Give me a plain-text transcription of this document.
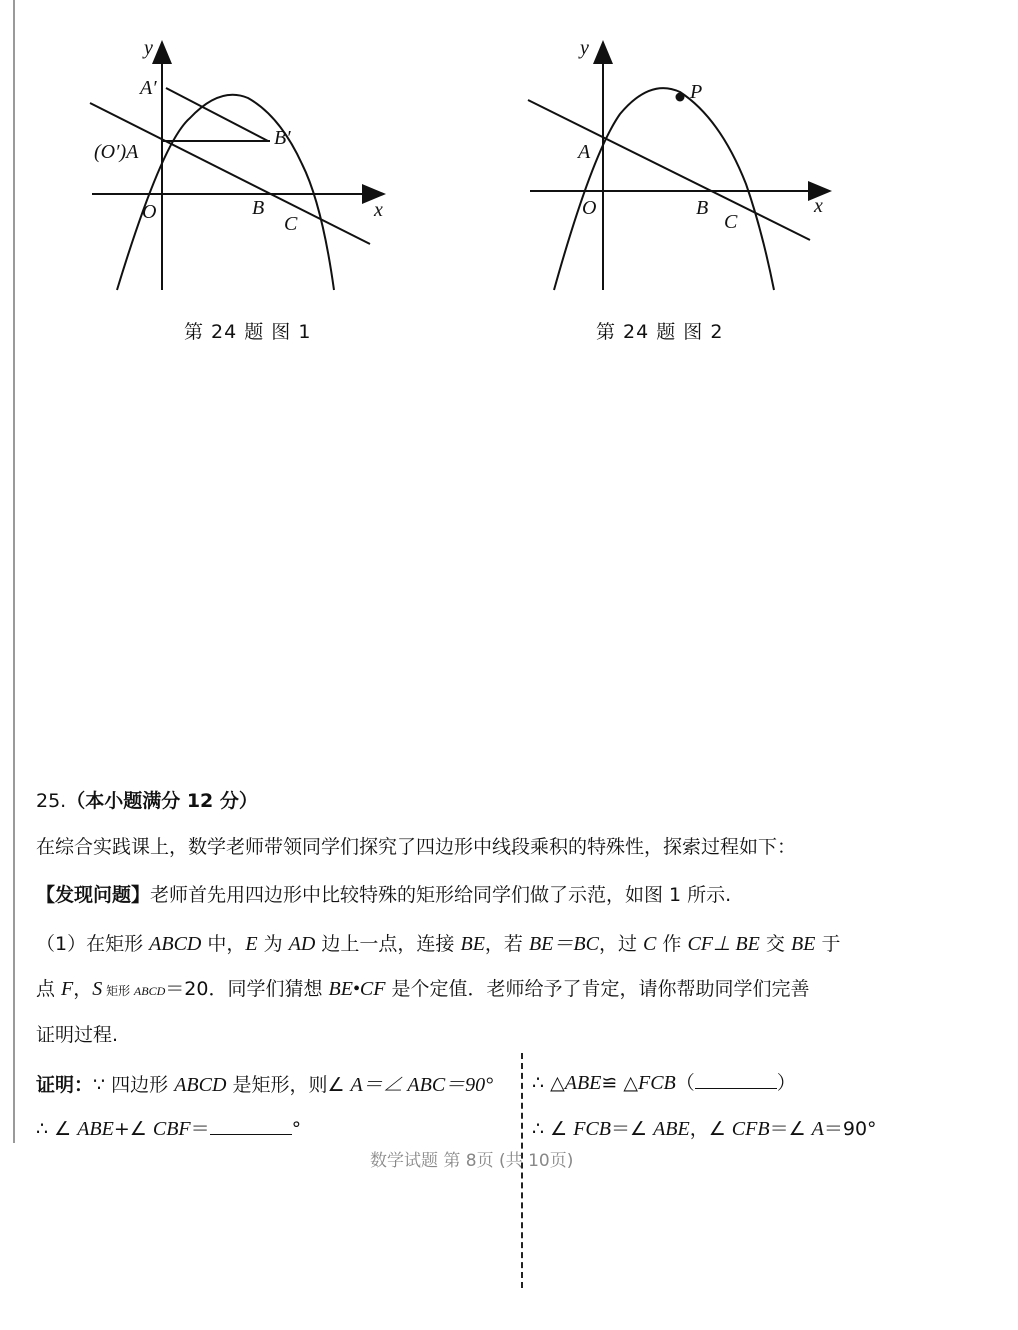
y
x
A′
(O′)A
B′
O	B
C
第 24 题 图 1
y
x
P
A
O	B
C
第 24 题 图 2
25.（本小题满分 12 分）
在综合实践课上，数学老师带领同学们探究了四边形中线段乘积的特殊性，探索过程如下：
【发现问题】老师首先用四边形中比较特殊的矩形给同学们做了示范，如图 1 所示.
（1）在矩形 ABCD 中，E 为 AD 边上一点，连接 BE，若 BE＝BC，过 C 作 CF⊥ BE 交 BE 于
点 F，S 矩形 ABCD＝20．同学们猜想 BE•CF 是个定值．老师给予了肯定，请你帮助同学们完善
证明过程.
证明：∵ 四边形 ABCD 是矩形，则∠ A＝∠ ABC＝90°
∴ ∠ ABE+∠ CBF＝	°
∴ △ABE≌ △FCB（	）
∴ ∠ FCB＝∠ ABE，∠ CFB＝∠ A＝90°
数学试题 第 8页 (共 10页)
